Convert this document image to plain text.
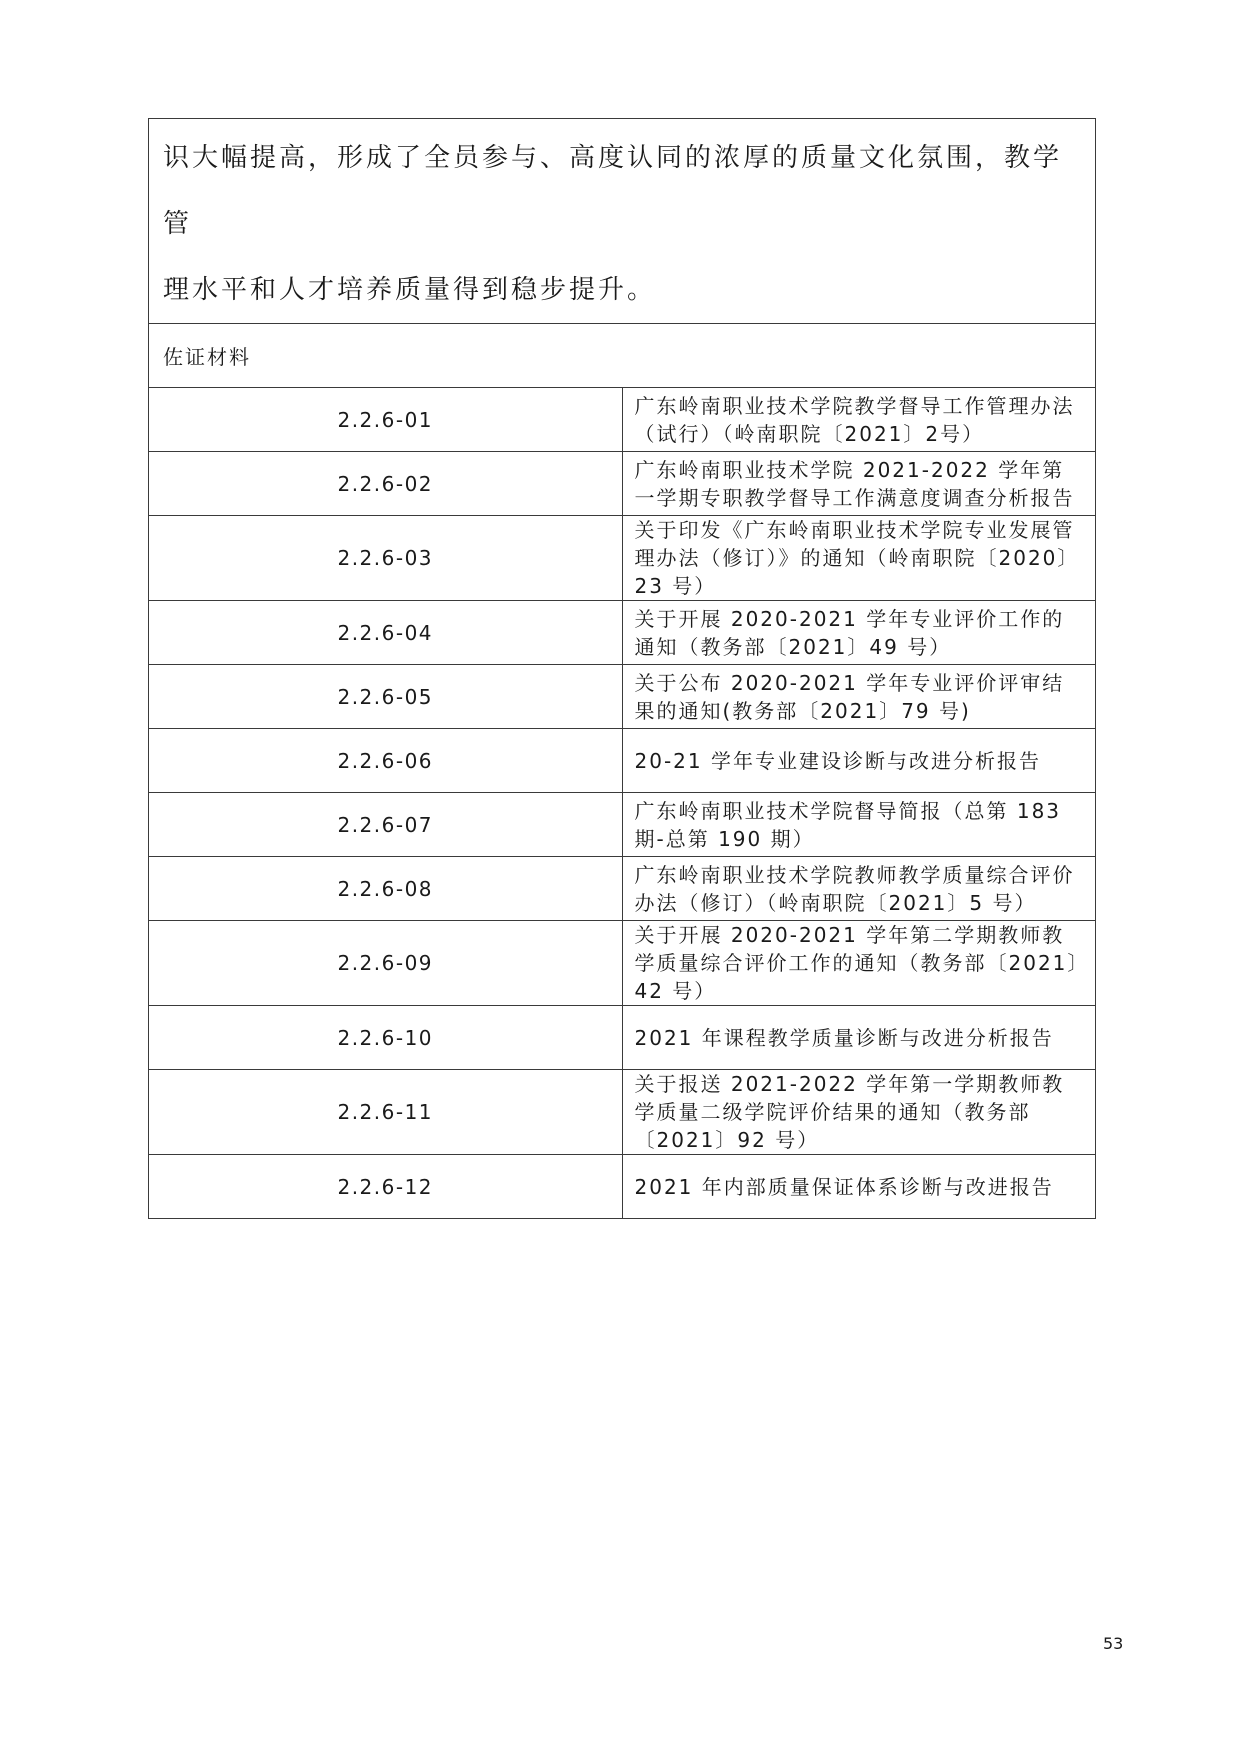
识大幅提高，形成了全员参与、高度认同的浓厚的质量文化氛围，教学管
理水平和人才培养质量得到稳步提升。	

佐证材料	
2.2.6-01	广东岭南职业技术学院教学督导工作管理办法（试行）（岭南职院〔2021〕2号）
2.2.6-02	广东岭南职业技术学院 2021-2022 学年第一学期专职教学督导工作满意度调查分析报告
2.2.6-03	关于印发《广东岭南职业技术学院专业发展管理办法（修订）》的通知（岭南职院〔2020〕23 号）
2.2.6-04	关于开展 2020-2021 学年专业评价工作的通知（教务部〔2021〕49 号）
2.2.6-05	关于公布 2020-2021 学年专业评价评审结果的通知(教务部〔2021〕79 号)
2.2.6-06	20-21 学年专业建设诊断与改进分析报告
2.2.6-07	广东岭南职业技术学院督导简报（总第 183 期-总第 190 期）
2.2.6-08	广东岭南职业技术学院教师教学质量综合评价办法（修订）（岭南职院〔2021〕5 号）
2.2.6-09	关于开展 2020-2021 学年第二学期教师教学质量综合评价工作的通知（教务部〔2021〕42 号）
2.2.6-10	2021 年课程教学质量诊断与改进分析报告
2.2.6-11	关于报送 2021-2022 学年第一学期教师教学质量二级学院评价结果的通知（教务部〔2021〕92 号）
2.2.6-12	2021 年内部质量保证体系诊断与改进报告
53
